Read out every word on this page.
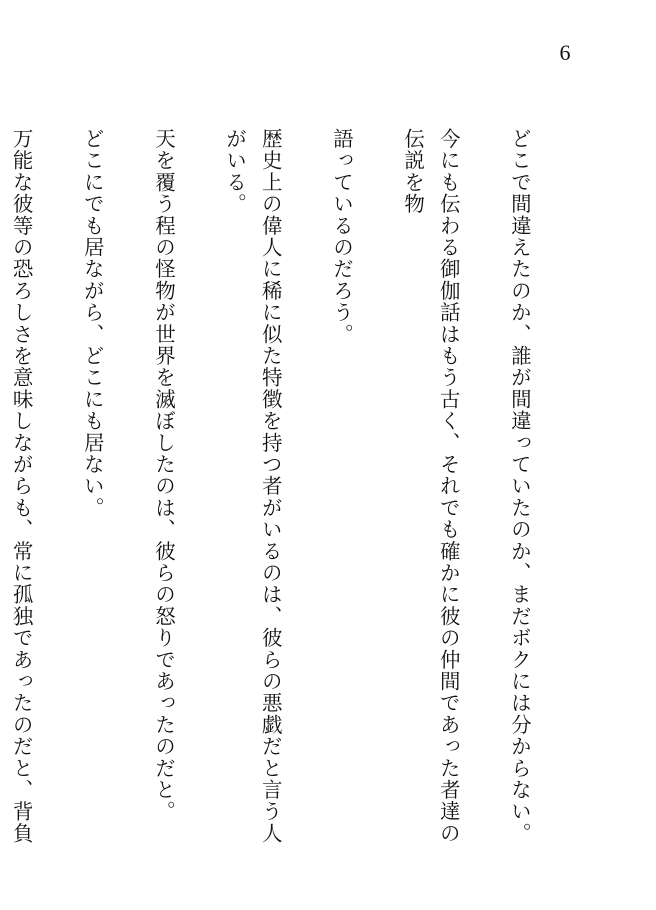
6

どこで間違えたのか、誰が間違っていたのか、まだボクには分からない。

今にも伝わる御伽話はもう古く、それでも確かに彼の仲間であった者達の伝説を物

語っているのだろう。

歴史上の偉人に稀に似た特徴を持つ者がいるのは、彼らの悪戯だと言う人がいる。

天を覆う程の怪物が世界を滅ぼしたのは、彼らの怒りであったのだと。

どこにでも居ながら、どこにも居ない。

万能な彼等の恐ろしさを意味しながらも、常に孤独であったのだと、背負
